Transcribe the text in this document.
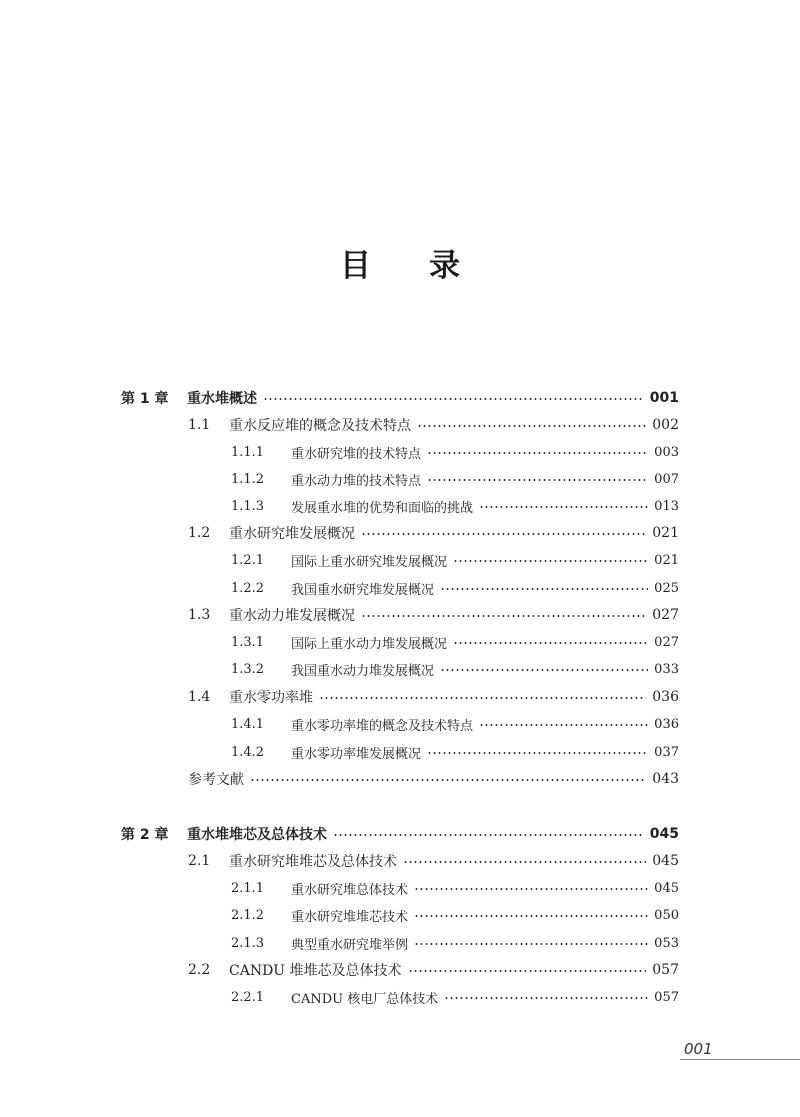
目 录
第 1 章 重水堆概述	001
1.1 重水反应堆的概念及技术特点	002
1.1.1 重水研究堆的技术特点	003
1.1.2 重水动力堆的技术特点	007
1.1.3 发展重水堆的优势和面临的挑战	013
1.2 重水研究堆发展概况	021
1.2.1 国际上重水研究堆发展概况	021
1.2.2 我国重水研究堆发展概况	025
1.3 重水动力堆发展概况	027
1.3.1 国际上重水动力堆发展概况	027
1.3.2 我国重水动力堆发展概况	033
1.4 重水零功率堆	036
1.4.1 重水零功率堆的概念及技术特点	036
1.4.2 重水零功率堆发展概况	037
参考文献	043
第 2 章 重水堆堆芯及总体技术	045
2.1 重水研究堆堆芯及总体技术	045
2.1.1 重水研究堆总体技术	045
2.1.2 重水研究堆堆芯技术	050
2.1.3 典型重水研究堆举例	053
2.2 CANDU 堆堆芯及总体技术	057
2.2.1 CANDU 核电厂总体技术	057
001
